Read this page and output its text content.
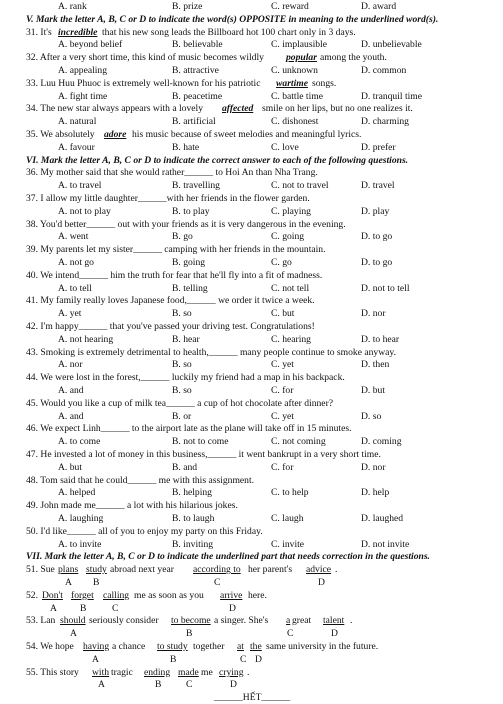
A. rank	B. prize	C. reward	D. award
V. Mark the letter A, B, C or D to indicate the word(s) OPPOSITE in meaning to the underlined word(s).
31. It's incredible that his new song leads the Billboard hot 100 chart only in 3 days.
A. beyond belief	B. believable	C. implausible	D. unbelievable
32. After a very short time, this kind of music becomes wildly popular among the youth.
A. appealing	B. attractive	C. unknown	D. common
33. Luu Huu Phuoc is extremely well-known for his patriotic wartime songs.
A. fight time	B. peacetime	C. battle time	D. tranquil time
34. The new star always appears with a lovely affected smile on her lips, but no one realizes it.
A. natural	B. artificial	C. dishonest	D. charming
35. We absolutely adore his music because of sweet melodies and meaningful lyrics.
A. favour	B. hate	C. love	D. prefer
VI. Mark the letter A, B, C or D to indicate the correct answer to each of the following questions.
36. My mother said that she would rather______ to Hoi An than Nha Trang.
A. to travel	B. travelling	C. not to travel	D. travel
37. I allow my little daughter______with her friends in the flower garden.
A. not to play	B. to play	C. playing	D. play
38. You'd better______ out with your friends as it is very dangerous in the evening.
A. went	B. go	C. going	D. to go
39. My parents let my sister______ camping with her friends in the mountain.
A. not go	B. going	C. go	D. to go
40. We intend______ him the truth for fear that he'll fly into a fit of madness.
A. to tell	B. telling	C. not tell	D. not to tell
41. My family really loves Japanese food,______ we order it twice a week.
A. yet	B. so	C. but	D. nor
42. I'm happy______ that you've passed your driving test. Congratulations!
A. not hearing	B. hear	C. hearing	D. to hear
43. Smoking is extremely detrimental to health,______ many people continue to smoke anyway.
A. nor	B. so	C. yet	D. then
44. We were lost in the forest,______ luckily my friend had a map in his backpack.
A. and	B. so	C. for	D. but
45. Would you like a cup of milk tea______ a cup of hot chocolate after dinner?
A. and	B. or	C. yet	D. so
46. We expect Linh______ to the airport late as the plane will take off in 15 minutes.
A. to come	B. not to come	C. not coming	D. coming
47. He invested a lot of money in this business,______ it went bankrupt in a very short time.
A. but	B. and	C. for	D. nor
48. Tom said that he could______ me with this assignment.
A. helped	B. helping	C. to help	D. help
49. John made me______ a lot with his hilarious jokes.
A. laughing	B. to laugh	C. laugh	D. laughed
50. I'd like______ all of you to enjoy my party on this Friday.
A. to invite	B. inviting	C. invite	D. not invite
VII. Mark the letter A, B, C or D to indicate the underlined part that needs correction in the questions.
51. Sue plans study abroad next year according to her parent's advice .
A B	C	D
52. Don't forget calling me as soon as you arrive here.
A B	C	D
53. Lan should seriously consider to become a singer. She's a great talent .
A	B	C	D
54. We hope having a chance to study together at the same university in the future.
A	B	C D
55. This story with tragic ending made me crying .
A	B	C	D
______HẾT______
